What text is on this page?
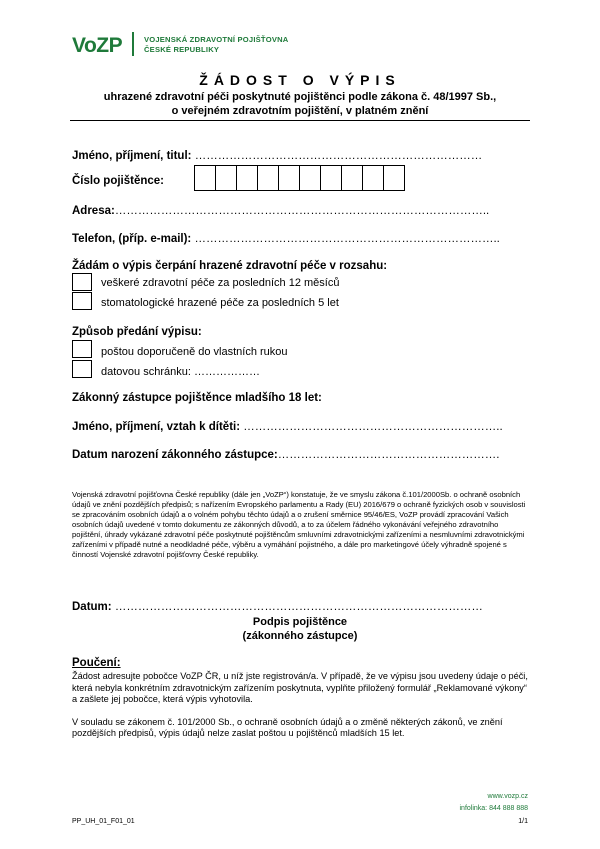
VoZP	VOJENSKÁ ZDRAVOTNÍ POJIŠŤOVNA
ČESKÉ REPUBLIKY
ŽÁDOST O VÝPIS
uhrazené zdravotní péči poskytnuté pojištěnci podle zákona č. 48/1997 Sb.,
o veřejném zdravotním pojištění, v platném znění
Jméno, příjmení, titul: …………………………………………………………………
Číslo pojištěnce:
Adresa:……………………………………………………………………………………..
Telefon, (příp. e-mail): ……………………………………………………………………..
Žádám o výpis čerpání hrazené zdravotní péče v rozsahu:
veškeré zdravotní péče za posledních 12 měsíců
stomatologické hrazené péče za posledních 5 let
Způsob předání výpisu:
poštou doporučeně do vlastních rukou
datovou schránku: ………………
Zákonný zástupce pojištěnce mladšího 18 let:
Jméno, příjmení, vztah k dítěti: …………………………………………………………..
Datum narození zákonného zástupce:………………………………………………….
Vojenská zdravotní pojišťovna České republiky (dále jen „VoZP“) konstatuje, že ve smyslu zákona č.101/2000Sb. o ochraně osobních údajů ve znění pozdějších předpisů; s nařízením Evropského parlamentu a Rady (EU) 2016/679 o ochraně fyzických osob v souvislosti se zpracováním osobních údajů a o volném pohybu těchto údajů a o zrušení směrnice 95/46/ES, VoZP provádí zpracování Vašich osobních údajů uvedené v tomto dokumentu ze zákonných důvodů, a to za účelem řádného vykonávání veřejného zdravotního pojištění, úhrady vykázané zdravotní péče poskytnuté pojištěncům smluvními zdravotnickými zařízeními a nesmluvními zdravotnickými zařízeními v případě nutné a neodkladné péče, výběru a vymáhání pojistného, a dále pro marketingové účely výhradně spojené s činností Vojenské zdravotní pojišťovny České republiky.
Datum: ……………………………………………………………………………………
Podpis pojištěnce
(zákonného zástupce)
Poučení:
Žádost adresujte pobočce VoZP ČR, u níž jste registrován/a. V případě, že ve výpisu jsou uvedeny údaje o péči, která nebyla konkrétním zdravotnickým zařízením poskytnuta, vyplňte přiložený formulář „Reklamované výkony“ a zašlete jej pobočce, která výpis vyhotovila.
V souladu se zákonem č. 101/2000 Sb., o ochraně osobních údajů a o změně některých zákonů, ve znění pozdějších předpisů, výpis údajů nelze zaslat poštou u pojištěnců mladších 15 let.
www.vozp.cz
infolinka: 844 888 888
PP_UH_01_F01_01	1/1
